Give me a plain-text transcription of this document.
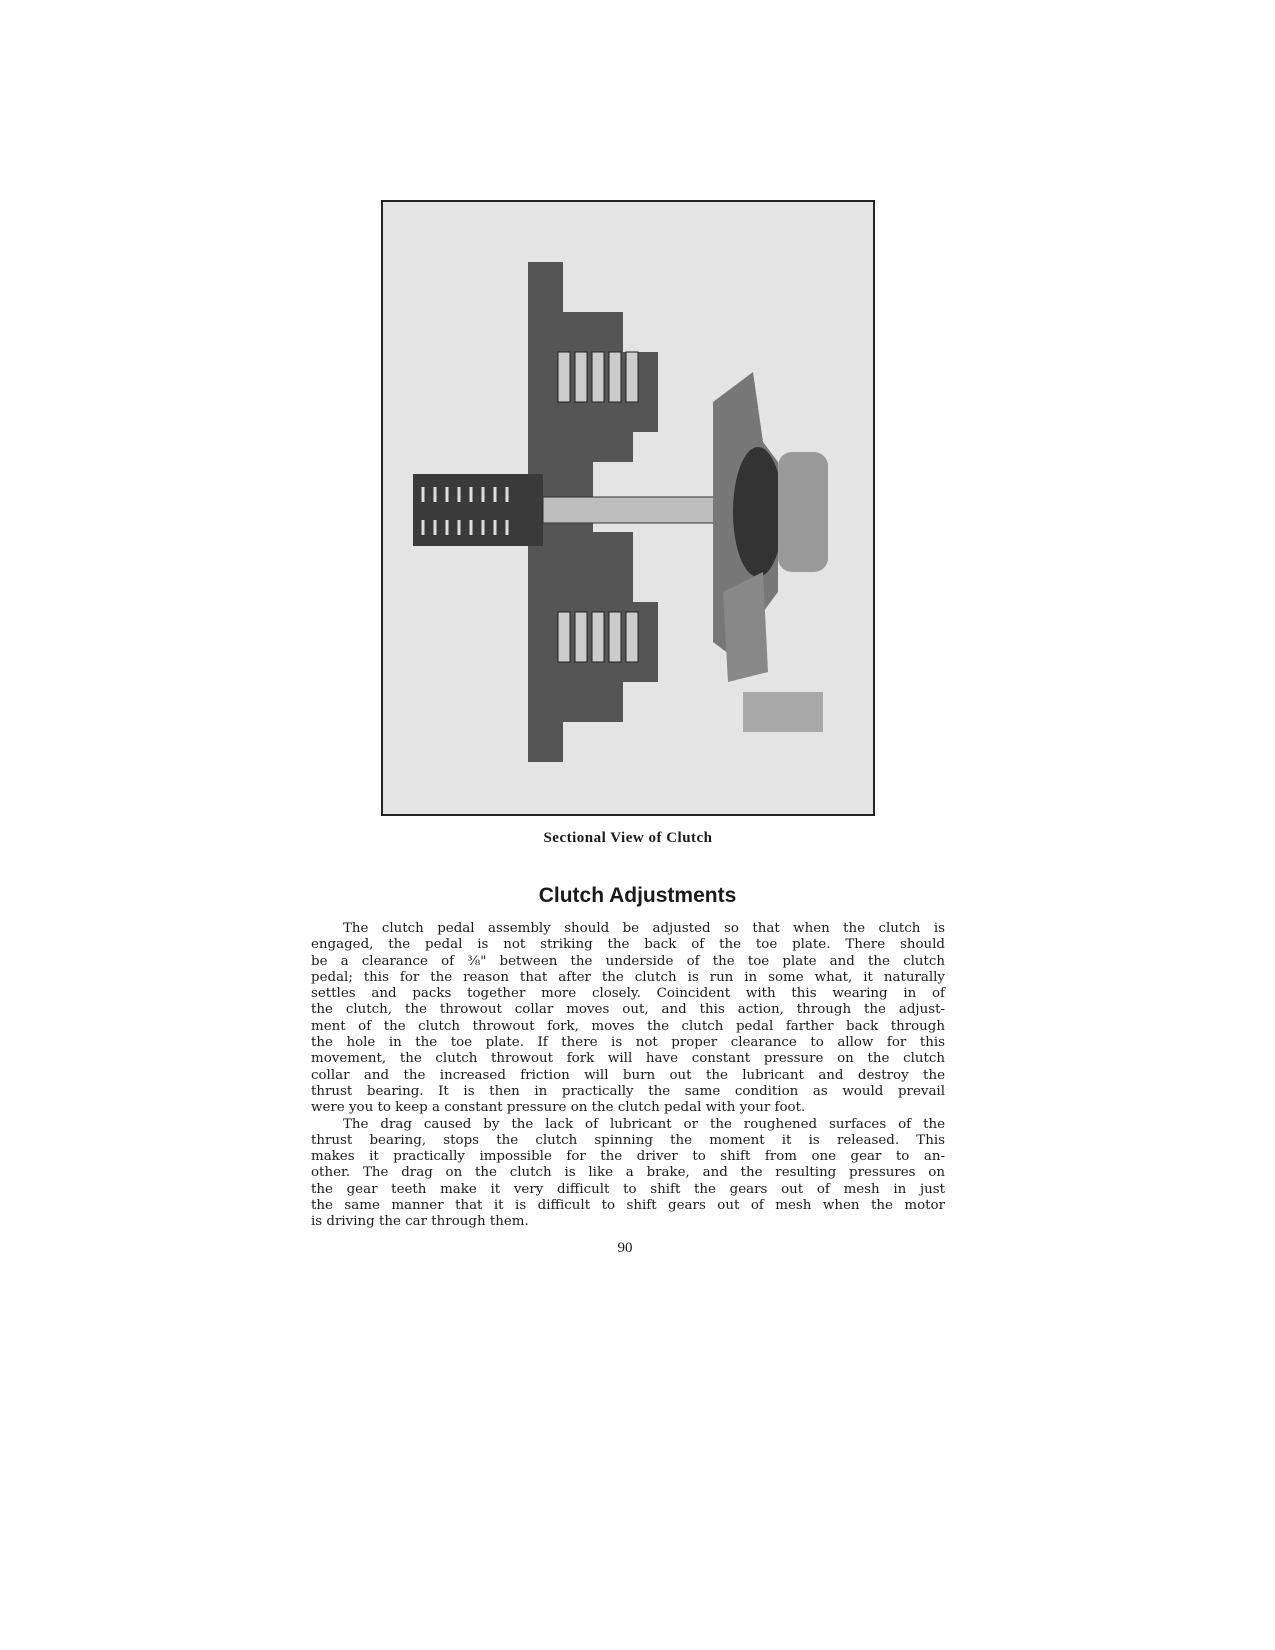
Sectional View of Clutch
Clutch Adjustments
The clutch pedal assembly should be adjusted so that when the clutch is
engaged, the pedal is not striking the back of the toe plate. There should
be a clearance of ⅜" between the underside of the toe plate and the clutch
pedal; this for the reason that after the clutch is run in some what, it naturally
settles and packs together more closely. Coincident with this wearing in of
the clutch, the throwout collar moves out, and this action, through the adjust-
ment of the clutch throwout fork, moves the clutch pedal farther back through
the hole in the toe plate. If there is not proper clearance to allow for this
movement, the clutch throwout fork will have constant pressure on the clutch
collar and the increased friction will burn out the lubricant and destroy the
thrust bearing. It is then in practically the same condition as would prevail
were you to keep a constant pressure on the clutch pedal with your foot.
The drag caused by the lack of lubricant or the roughened surfaces of the
thrust bearing, stops the clutch spinning the moment it is released. This
makes it practically impossible for the driver to shift from one gear to an-
other. The drag on the clutch is like a brake, and the resulting pressures on
the gear teeth make it very difficult to shift the gears out of mesh in just
the same manner that it is difficult to shift gears out of mesh when the motor
is driving the car through them.
90
